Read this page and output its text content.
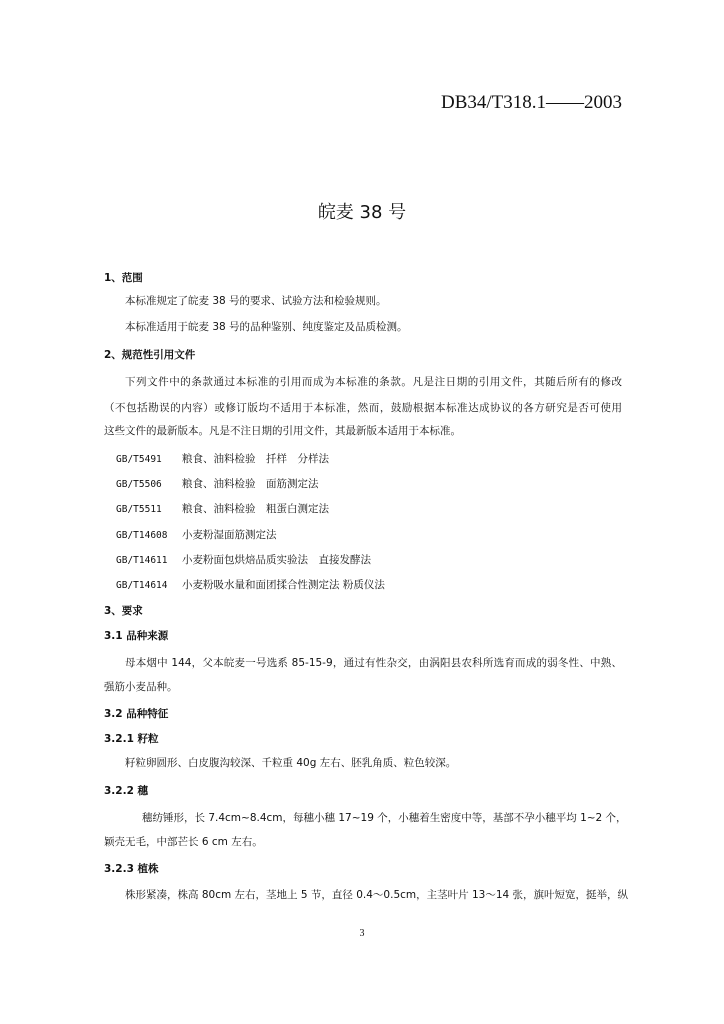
DB34/T318.1——2003
皖麦 38 号
1、范围
本标准规定了皖麦 38 号的要求、试验方法和检验规则。
本标准适用于皖麦 38 号的品种鉴别、纯度鉴定及品质检测。
2、规范性引用文件
下列文件中的条款通过本标准的引用而成为本标准的条款。凡是注日期的引用文件，其随后所有的修改
（不包括勘误的内容）或修订版均不适用于本标准，然而，鼓励根据本标准达成协议的各方研究是否可使用
这些文件的最新版本。凡是不注日期的引用文件，其最新版本适用于本标准。
GB/T5491 粮食、油料检验　扦样　分样法
GB/T5506 粮食、油料检验　面筋测定法
GB/T5511 粮食、油料检验　粗蛋白测定法
GB/T14608 小麦粉湿面筋测定法
GB/T14611 小麦粉面包烘焙品质实验法　直接发酵法
GB/T14614 小麦粉吸水量和面团揉合性测定法 粉质仪法
3、要求
3.1 品种来源
母本烟中 144，父本皖麦一号选系 85-15-9，通过有性杂交，由涡阳县农科所选育而成的弱冬性、中熟、
强筋小麦品种。
3.2 品种特征
3.2.1 籽粒
籽粒卵圆形、白皮腹沟较深、千粒重 40g 左右、胚乳角质、粒色较深。
3.2.2 穗
穗纺锤形，长 7.4cm~8.4cm，每穗小穗 17~19 个，小穗着生密度中等，基部不孕小穗平均 1~2 个，
颖壳无毛，中部芒长 6 cm 左右。
3.2.3 植株
株形紧凑，株高 80cm 左右，茎地上 5 节，直径 0.4～0.5cm，主茎叶片 13～14 张，旗叶短宽，挺举，纵
3
